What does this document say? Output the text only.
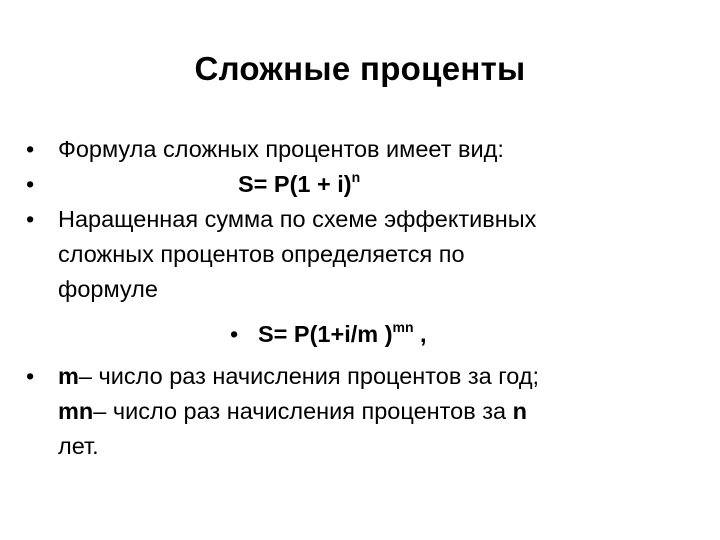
Сложные проценты
•	Формула сложных процентов имеет вид:
•	$S= P(1 + i)^n$
•	Наращенная сумма по схеме эффективных
сложных процентов определяется по
формуле
• S= P(1+i/m )$^{mn}$ ,
•	m– число раз начисления процентов за год;
mn– число раз начисления процентов за n
лет.
